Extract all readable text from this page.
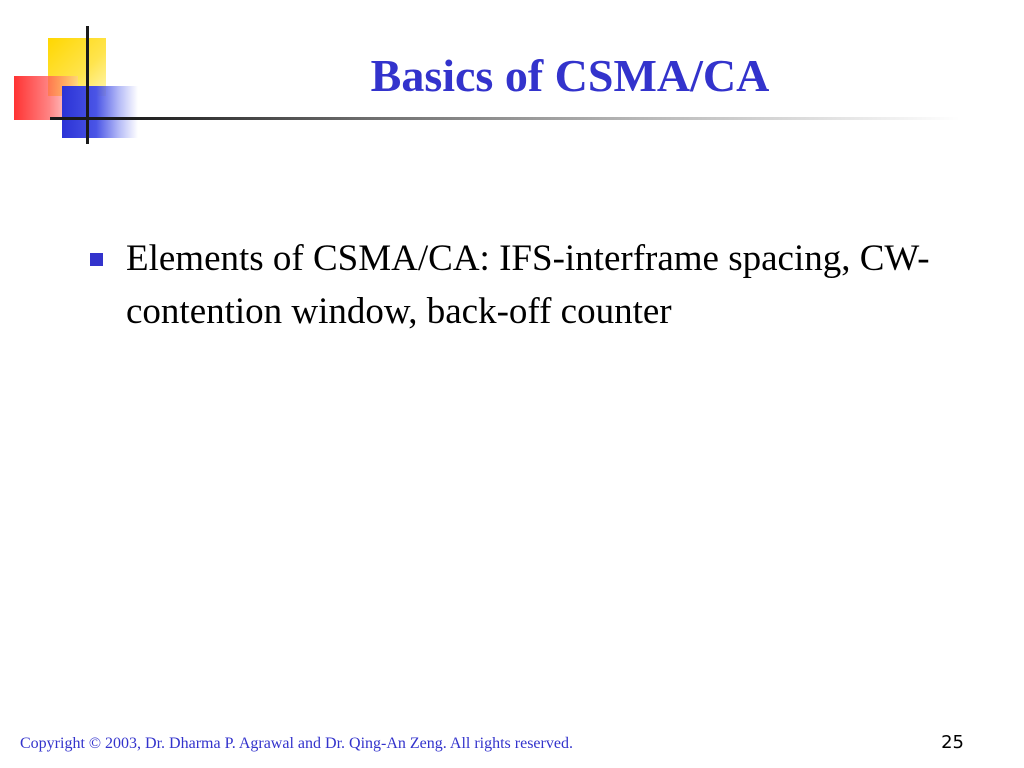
Basics of CSMA/CA
Elements of CSMA/CA: IFS-interframe spacing, CW- contention window, back-off counter

Copyright © 2003, Dr. Dharma P. Agrawal and Dr. Qing-An Zeng. All rights reserved.	25
